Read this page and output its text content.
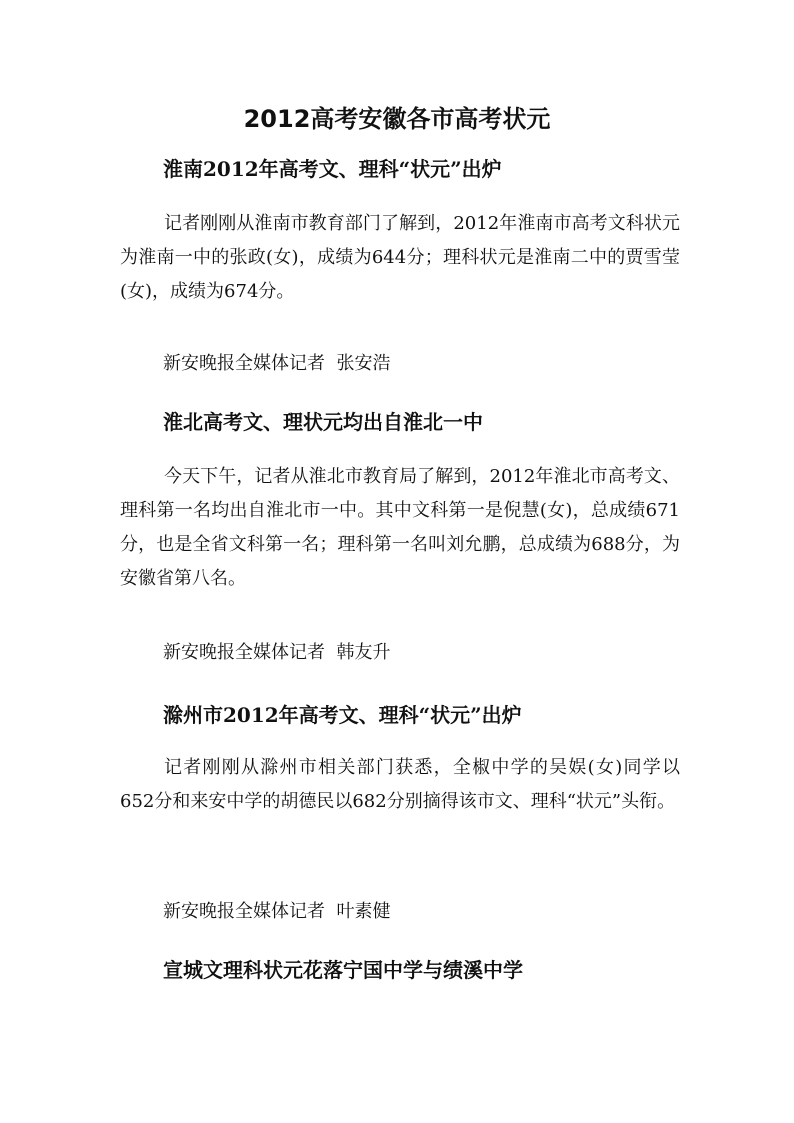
2012高考安徽各市高考状元
淮南2012年高考文、理科“状元”出炉

记者刚刚从淮南市教育部门了解到，2012年淮南市高考文科状元为淮南一中的张政(女)，成绩为644分；理科状元是淮南二中的贾雪莹(女)，成绩为674分。

新安晚报全媒体记者  张安浩

淮北高考文、理状元均出自淮北一中

今天下午，记者从淮北市教育局了解到，2012年淮北市高考文、理科第一名均出自淮北市一中。其中文科第一是倪慧(女)，总成绩671分，也是全省文科第一名；理科第一名叫刘允鹏，总成绩为688分，为安徽省第八名。

新安晚报全媒体记者  韩友升

滁州市2012年高考文、理科“状元”出炉

记者刚刚从滁州市相关部门获悉，全椒中学的吴娱(女)同学以652分和来安中学的胡德民以682分别摘得该市文、理科“状元”头衔。

新安晚报全媒体记者  叶素健

宣城文理科状元花落宁国中学与绩溪中学
